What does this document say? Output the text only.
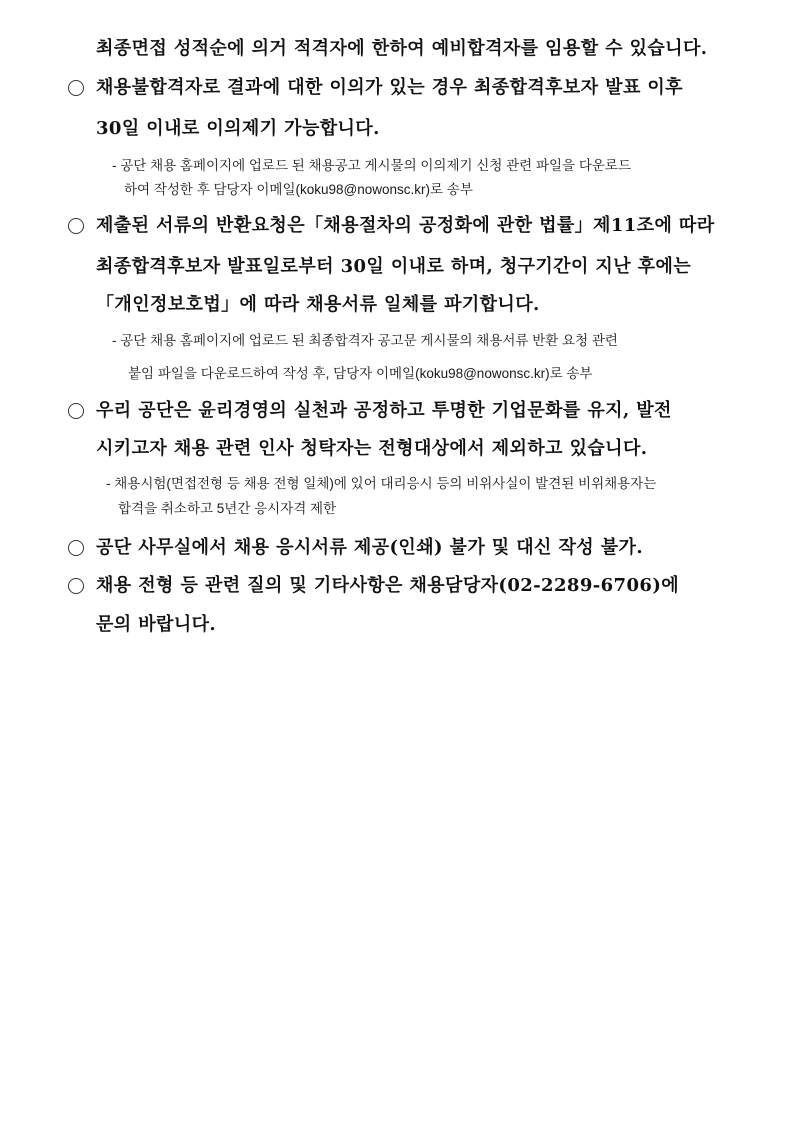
최종면접 성적순에 의거 적격자에 한하여 예비합격자를 임용할 수 있습니다.
채용불합격자로 결과에 대한 이의가 있는 경우 최종합격후보자 발표 이후
30일 이내로 이의제기 가능합니다.
- 공단 채용 홈페이지에 업로드 된 채용공고 게시물의 이의제기 신청 관련 파일을 다운로드
하여 작성한 후 담당자 이메일(koku98@nowonsc.kr)로 송부
제출된 서류의 반환요청은「채용절차의 공정화에 관한 법률」제11조에 따라
최종합격후보자 발표일로부터 30일 이내로 하며, 청구기간이 지난 후에는
「개인정보호법」에 따라 채용서류 일체를 파기합니다.
- 공단 채용 홈페이지에 업로드 된 최종합격자 공고문 게시물의 채용서류 반환 요청 관련
붙임 파일을 다운로드하여 작성 후, 담당자 이메일(koku98@nowonsc.kr)로 송부
우리 공단은 윤리경영의 실천과 공정하고 투명한 기업문화를 유지, 발전
시키고자 채용 관련 인사 청탁자는 전형대상에서 제외하고 있습니다.
- 채용시험(면접전형 등 채용 전형 일체)에 있어 대리응시 등의 비위사실이 발견된 비위채용자는
합격을 취소하고 5년간 응시자격 제한
공단 사무실에서 채용 응시서류 제공(인쇄) 불가 및 대신 작성 불가.
채용 전형 등 관련 질의 및 기타사항은 채용담당자(02-2289-6706)에
문의 바랍니다.
